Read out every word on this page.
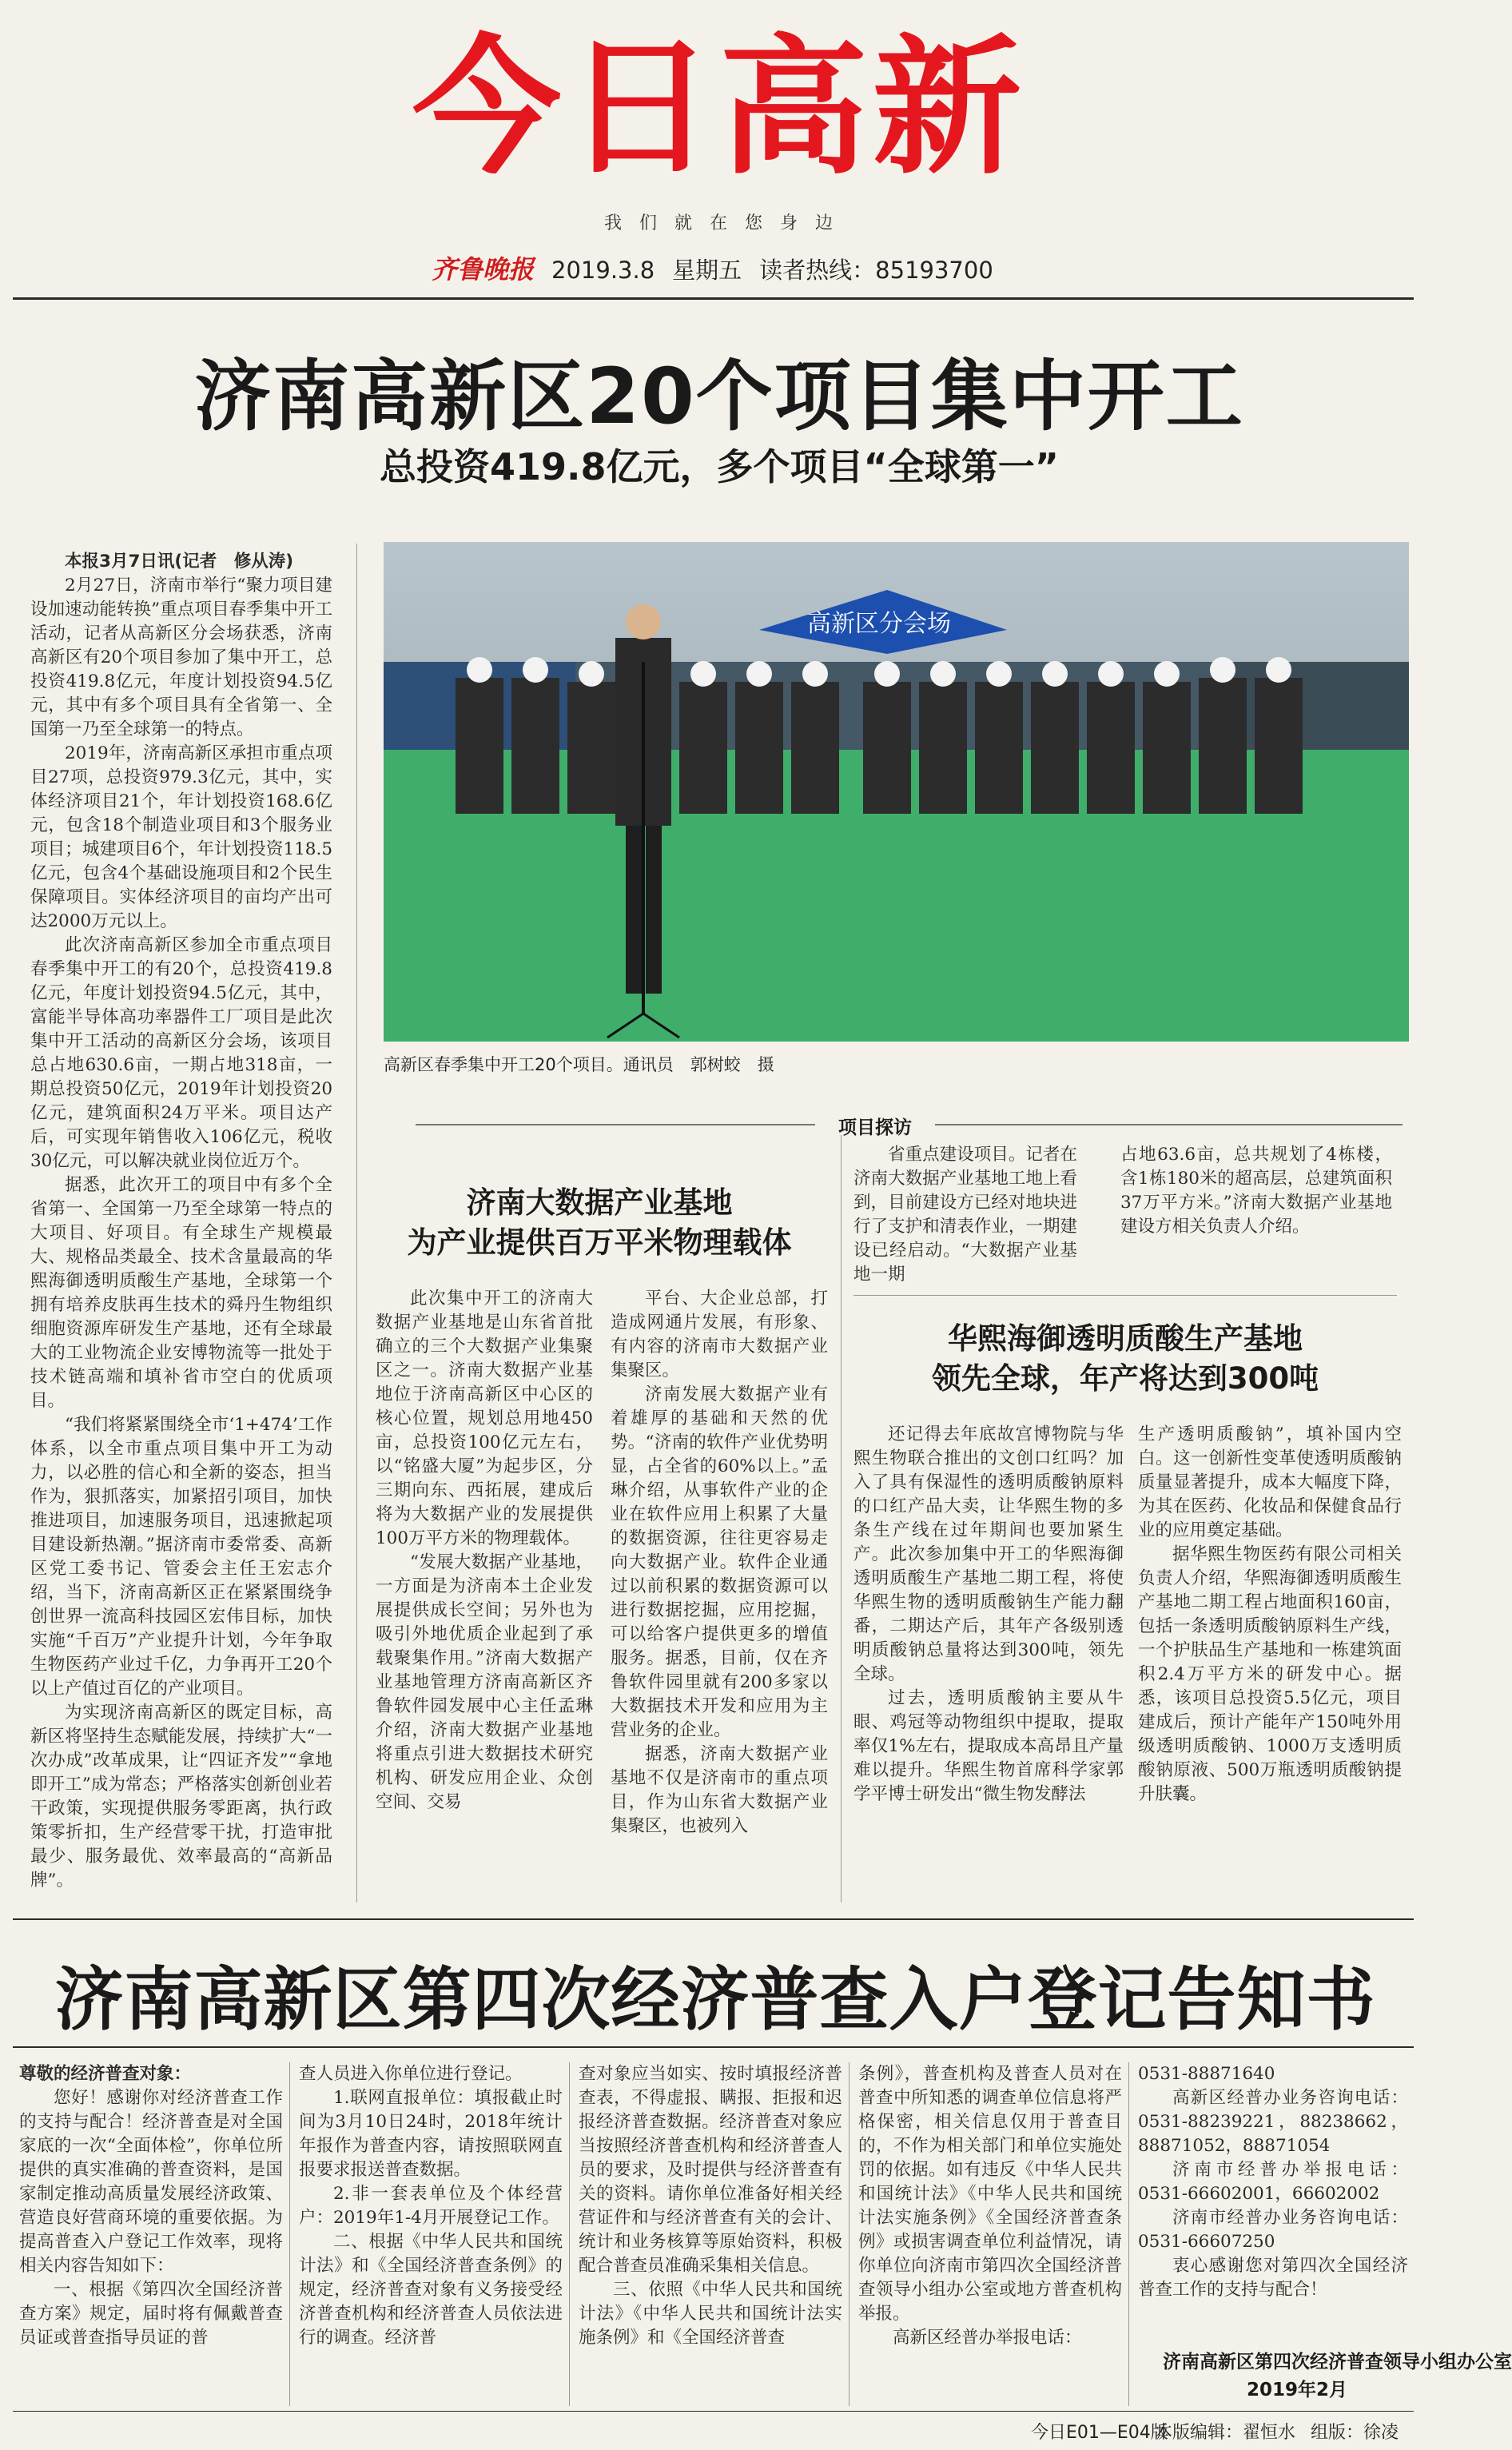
今日高新
我们就在您身边
齐鲁晚报 2019.3.8 星期五 读者热线：85193700
济南高新区20个项目集中开工
总投资419.8亿元，多个项目“全球第一”

本报3月7日讯(记者　修从涛)

2月27日，济南市举行“聚力项目建设加速动能转换”重点项目春季集中开工活动，记者从高新区分会场获悉，济南高新区有20个项目参加了集中开工，总投资419.8亿元，年度计划投资94.5亿元，其中有多个项目具有全省第一、全国第一乃至全球第一的特点。

2019年，济南高新区承担市重点项目27项，总投资979.3亿元，其中，实体经济项目21个，年计划投资168.6亿元，包含18个制造业项目和3个服务业项目；城建项目6个，年计划投资118.5亿元，包含4个基础设施项目和2个民生保障项目。实体经济项目的亩均产出可达2000万元以上。

此次济南高新区参加全市重点项目春季集中开工的有20个，总投资419.8亿元，年度计划投资94.5亿元，其中，富能半导体高功率器件工厂项目是此次集中开工活动的高新区分会场，该项目总占地630.6亩，一期占地318亩，一期总投资50亿元，2019年计划投资20亿元，建筑面积24万平米。项目达产后，可实现年销售收入106亿元，税收30亿元，可以解决就业岗位近万个。

据悉，此次开工的项目中有多个全省第一、全国第一乃至全球第一特点的大项目、好项目。有全球生产规模最大、规格品类最全、技术含量最高的华熙海御透明质酸生产基地，全球第一个拥有培养皮肤再生技术的舜丹生物组织细胞资源库研发生产基地，还有全球最大的工业物流企业安博物流等一批处于技术链高端和填补省市空白的优质项目。

“我们将紧紧围绕全市‘1+474’工作体系，以全市重点项目集中开工为动力，以必胜的信心和全新的姿态，担当作为，狠抓落实，加紧招引项目，加快推进项目，加速服务项目，迅速掀起项目建设新热潮。”据济南市委常委、高新区党工委书记、管委会主任王宏志介绍，当下，济南高新区正在紧紧围绕争创世界一流高科技园区宏伟目标，加快实施“千百万”产业提升计划，今年争取生物医药产业过千亿，力争再开工20个以上产值过百亿的产业项目。

为实现济南高新区的既定目标，高新区将坚持生态赋能发展，持续扩大“一次办成”改革成果，让“四证齐发”“拿地即开工”成为常态；严格落实创新创业若干政策，实现提供服务零距离，执行政策零折扣，生产经营零干扰，打造审批最少、服务最优、效率最高的“高新品牌”。

高新区分会场
高新区春季集中开工20个项目。通讯员　郭树蛟　摄
项目探访
济南大数据产业基地
为产业提供百万平米物理载体

此次集中开工的济南大数据产业基地是山东省首批确立的三个大数据产业集聚区之一。济南大数据产业基地位于济南高新区中心区的核心位置，规划总用地450亩，总投资100亿元左右，以“铭盛大厦”为起步区，分三期向东、西拓展，建成后将为大数据产业的发展提供100万平方米的物理载体。

“发展大数据产业基地，一方面是为济南本土企业发展提供成长空间；另外也为吸引外地优质企业起到了承载聚集作用。”济南大数据产业基地管理方济南高新区齐鲁软件园发展中心主任孟琳介绍，济南大数据产业基地将重点引进大数据技术研究机构、研发应用企业、众创空间、交易

平台、大企业总部，打造成网通片发展，有形象、有内容的济南市大数据产业集聚区。

济南发展大数据产业有着雄厚的基础和天然的优势。“济南的软件产业优势明显，占全省的60%以上。”孟琳介绍，从事软件产业的企业在软件应用上积累了大量的数据资源，往往更容易走向大数据产业。软件企业通过以前积累的数据资源可以进行数据挖掘，应用挖掘，可以给客户提供更多的增值服务。据悉，目前，仅在齐鲁软件园里就有200多家以大数据技术开发和应用为主营业务的企业。

据悉，济南大数据产业基地不仅是济南市的重点项目，作为山东省大数据产业集聚区，也被列入

省重点建设项目。记者在济南大数据产业基地工地上看到，目前建设方已经对地块进行了支护和清表作业，一期建设已经启动。“大数据产业基地一期

占地63.6亩，总共规划了4栋楼，含1栋180米的超高层，总建筑面积37万平方米。”济南大数据产业基地建设方相关负责人介绍。

华熙海御透明质酸生产基地
领先全球，年产将达到300吨

还记得去年底故宫博物院与华熙生物联合推出的文创口红吗？加入了具有保湿性的透明质酸钠原料的口红产品大卖，让华熙生物的多条生产线在过年期间也要加紧生产。此次参加集中开工的华熙海御透明质酸生产基地二期工程，将使华熙生物的透明质酸钠生产能力翻番，二期达产后，其年产各级别透明质酸钠总量将达到300吨，领先全球。

过去，透明质酸钠主要从牛眼、鸡冠等动物组织中提取，提取率仅1%左右，提取成本高昂且产量难以提升。华熙生物首席科学家郭学平博士研发出“微生物发酵法

生产透明质酸钠”，填补国内空白。这一创新性变革使透明质酸钠质量显著提升，成本大幅度下降，为其在医药、化妆品和保健食品行业的应用奠定基础。

据华熙生物医药有限公司相关负责人介绍，华熙海御透明质酸生产基地二期工程占地面积160亩，包括一条透明质酸钠原料生产线，一个护肤品生产基地和一栋建筑面积2.4万平方米的研发中心。据悉，该项目总投资5.5亿元，项目建成后，预计产能年产150吨外用级透明质酸钠、1000万支透明质酸钠原液、500万瓶透明质酸钠提升肤囊。

济南高新区第四次经济普查入户登记告知书

尊敬的经济普查对象：

您好！感谢你对经济普查工作的支持与配合！经济普查是对全国家底的一次“全面体检”，你单位所提供的真实准确的普查资料，是国家制定推动高质量发展经济政策、营造良好营商环境的重要依据。为提高普查入户登记工作效率，现将相关内容告知如下：

一、根据《第四次全国经济普查方案》规定，届时将有佩戴普查员证或普查指导员证的普

查人员进入你单位进行登记。

1.联网直报单位：填报截止时间为3月10日24时，2018年统计年报作为普查内容，请按照联网直报要求报送普查数据。

2.非一套表单位及个体经营户：2019年1-4月开展登记工作。

二、根据《中华人民共和国统计法》和《全国经济普查条例》的规定，经济普查对象有义务接受经济普查机构和经济普查人员依法进行的调查。经济普

查对象应当如实、按时填报经济普查表，不得虚报、瞒报、拒报和迟报经济普查数据。经济普查对象应当按照经济普查机构和经济普查人员的要求，及时提供与经济普查有关的资料。请你单位准备好相关经营证件和与经济普查有关的会计、统计和业务核算等原始资料，积极配合普查员准确采集相关信息。

三、依照《中华人民共和国统计法》《中华人民共和国统计法实施条例》和《全国经济普查

条例》，普查机构及普查人员对在普查中所知悉的调查单位信息将严格保密，相关信息仅用于普查目的，不作为相关部门和单位实施处罚的依据。如有违反《中华人民共和国统计法》《中华人民共和国统计法实施条例》《全国经济普查条例》或损害调查单位利益情况，请你单位向济南市第四次全国经济普查领导小组办公室或地方普查机构举报。

高新区经普办举报电话：

0531-88871640

高新区经普办业务咨询电话：0531-88239221，88238662，88871052，88871054

济南市经普办举报电话：0531-66602001，66602002

济南市经普办业务咨询电话：0531-66607250

衷心感谢您对第四次全国经济普查工作的支持与配合！

济南高新区第四次经济普查领导小组办公室
2019年2月
今日E01—E04版
本版编辑：翟恒水 组版：徐凌
